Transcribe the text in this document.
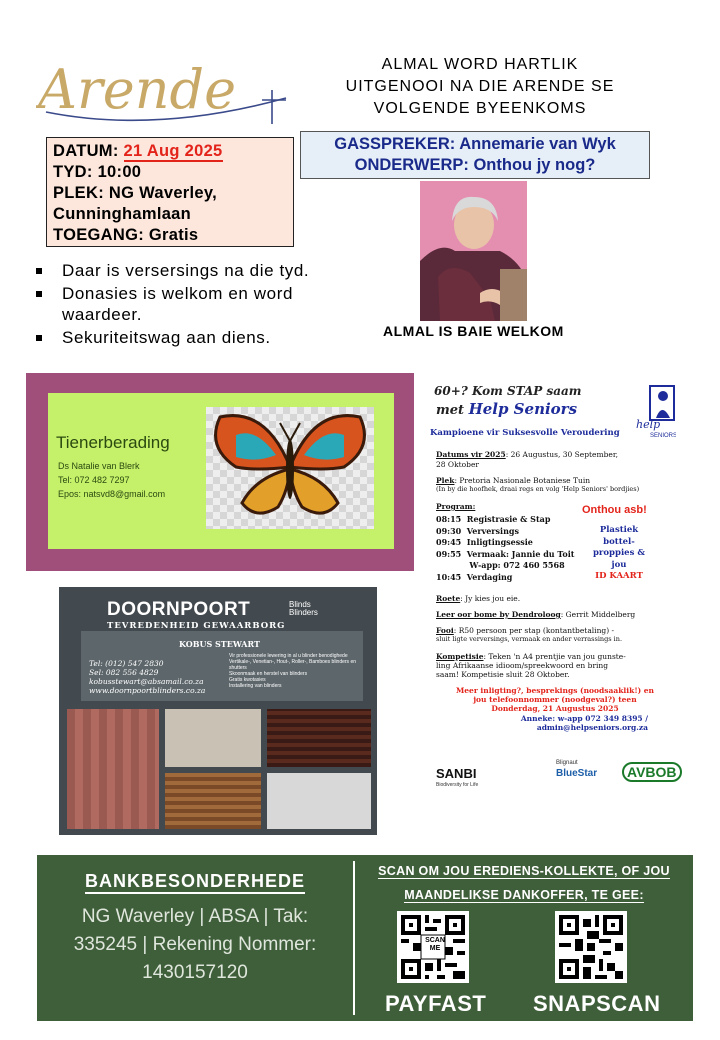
Arende	ALMAL WORD HARTLIK
UITGENOOI NA DIE ARENDE SE
VOLGENDE BYEENKOMS
DATUM: 21 Aug 2025
TYD: 10:00
PLEK: NG Waverley,
Cunninghamlaan
TOEGANG: Gratis
GASSPREKER: Annemarie van Wyk
ONDERWERP: Onthou jy nog?
ALMAL IS BAIE WELKOM
Daar is versersings na die tyd.
Donasies is welkom en word waardeer.
Sekuriteitswag aan diens.
Tienerberading
Ds Natalie van Blerk
Tel: 072 482 7297
Epos: natsvd8@gmail.com
DOORNPOORT	Blinds
Blinders
TEVREDENHEID GEWAARBORG
KOBUS STEWART
Tel: (012) 547 2830
Sel: 082 556 4829
kobusstewart@absamail.co.za
www.doornpoortblinders.co.za
Vir professionele lewering in al u blinder benodighede
Vertikale-, Venetian-, Hout-, Roller-, Bamboes blinders en shutters
Skoonmaak en herstel van blinders
Gratis kwotasies
Installering van blinders
60+? Kom STAP saam
met Help Seniors
Kampioene vir Suksesvolle Veroudering
help
SENIORS
Datums vir 2025: 26 Augustus, 30 September,
28 Oktober
Plek: Pretoria Nasionale Botaniese Tuin
(In by die hoofhek, draai regs en volg 'Help Seniors' bordjies)
Program:
08:15  Registrasie & Stap
09:30  Verversings
09:45  Inligtingsessie
09:55  Vermaak: Jannie du Toit
W-app: 072 460 5568
10:45  Verdaging
Onthou asb!
Plastiek
bottel-
proppies &
jou
ID KAART
Roete: Jy kies jou eie.
Leer oor bome by Dendroloog: Gerrit Middelberg
Fooi: R50 persoon per stap (kontantbetaling) -
sluit ligte verversings, vermaak en ander verrassings in.
Kompetisie: Teken 'n A4 prentjie van jou gunste-
ling Afrikaanse idioom/spreekwoord en bring
saam! Kompetisie sluit 28 Oktober.
Meer inligting?, besprekings (noodsaaklik!) en
jou telefoonnommer (noodgeval?) teen
Donderdag, 21 Augustus 2025
Anneke: w-app 072 349 8395 /
admin@helpseniors.org.za
SANBI
Biodiversity for Life
Blignaut
BlueStar	AVBOB
BANKBESONDERHEDE
NG Waverley | ABSA | Tak:
335245 | Rekening Nommer:
1430157120
SCAN OM JOU EREDIENS-KOLLEKTE, OF JOU
MAANDELIKSE DANKOFFER, TE GEE:
SCAN ME
PAYFAST SNAPSCAN
